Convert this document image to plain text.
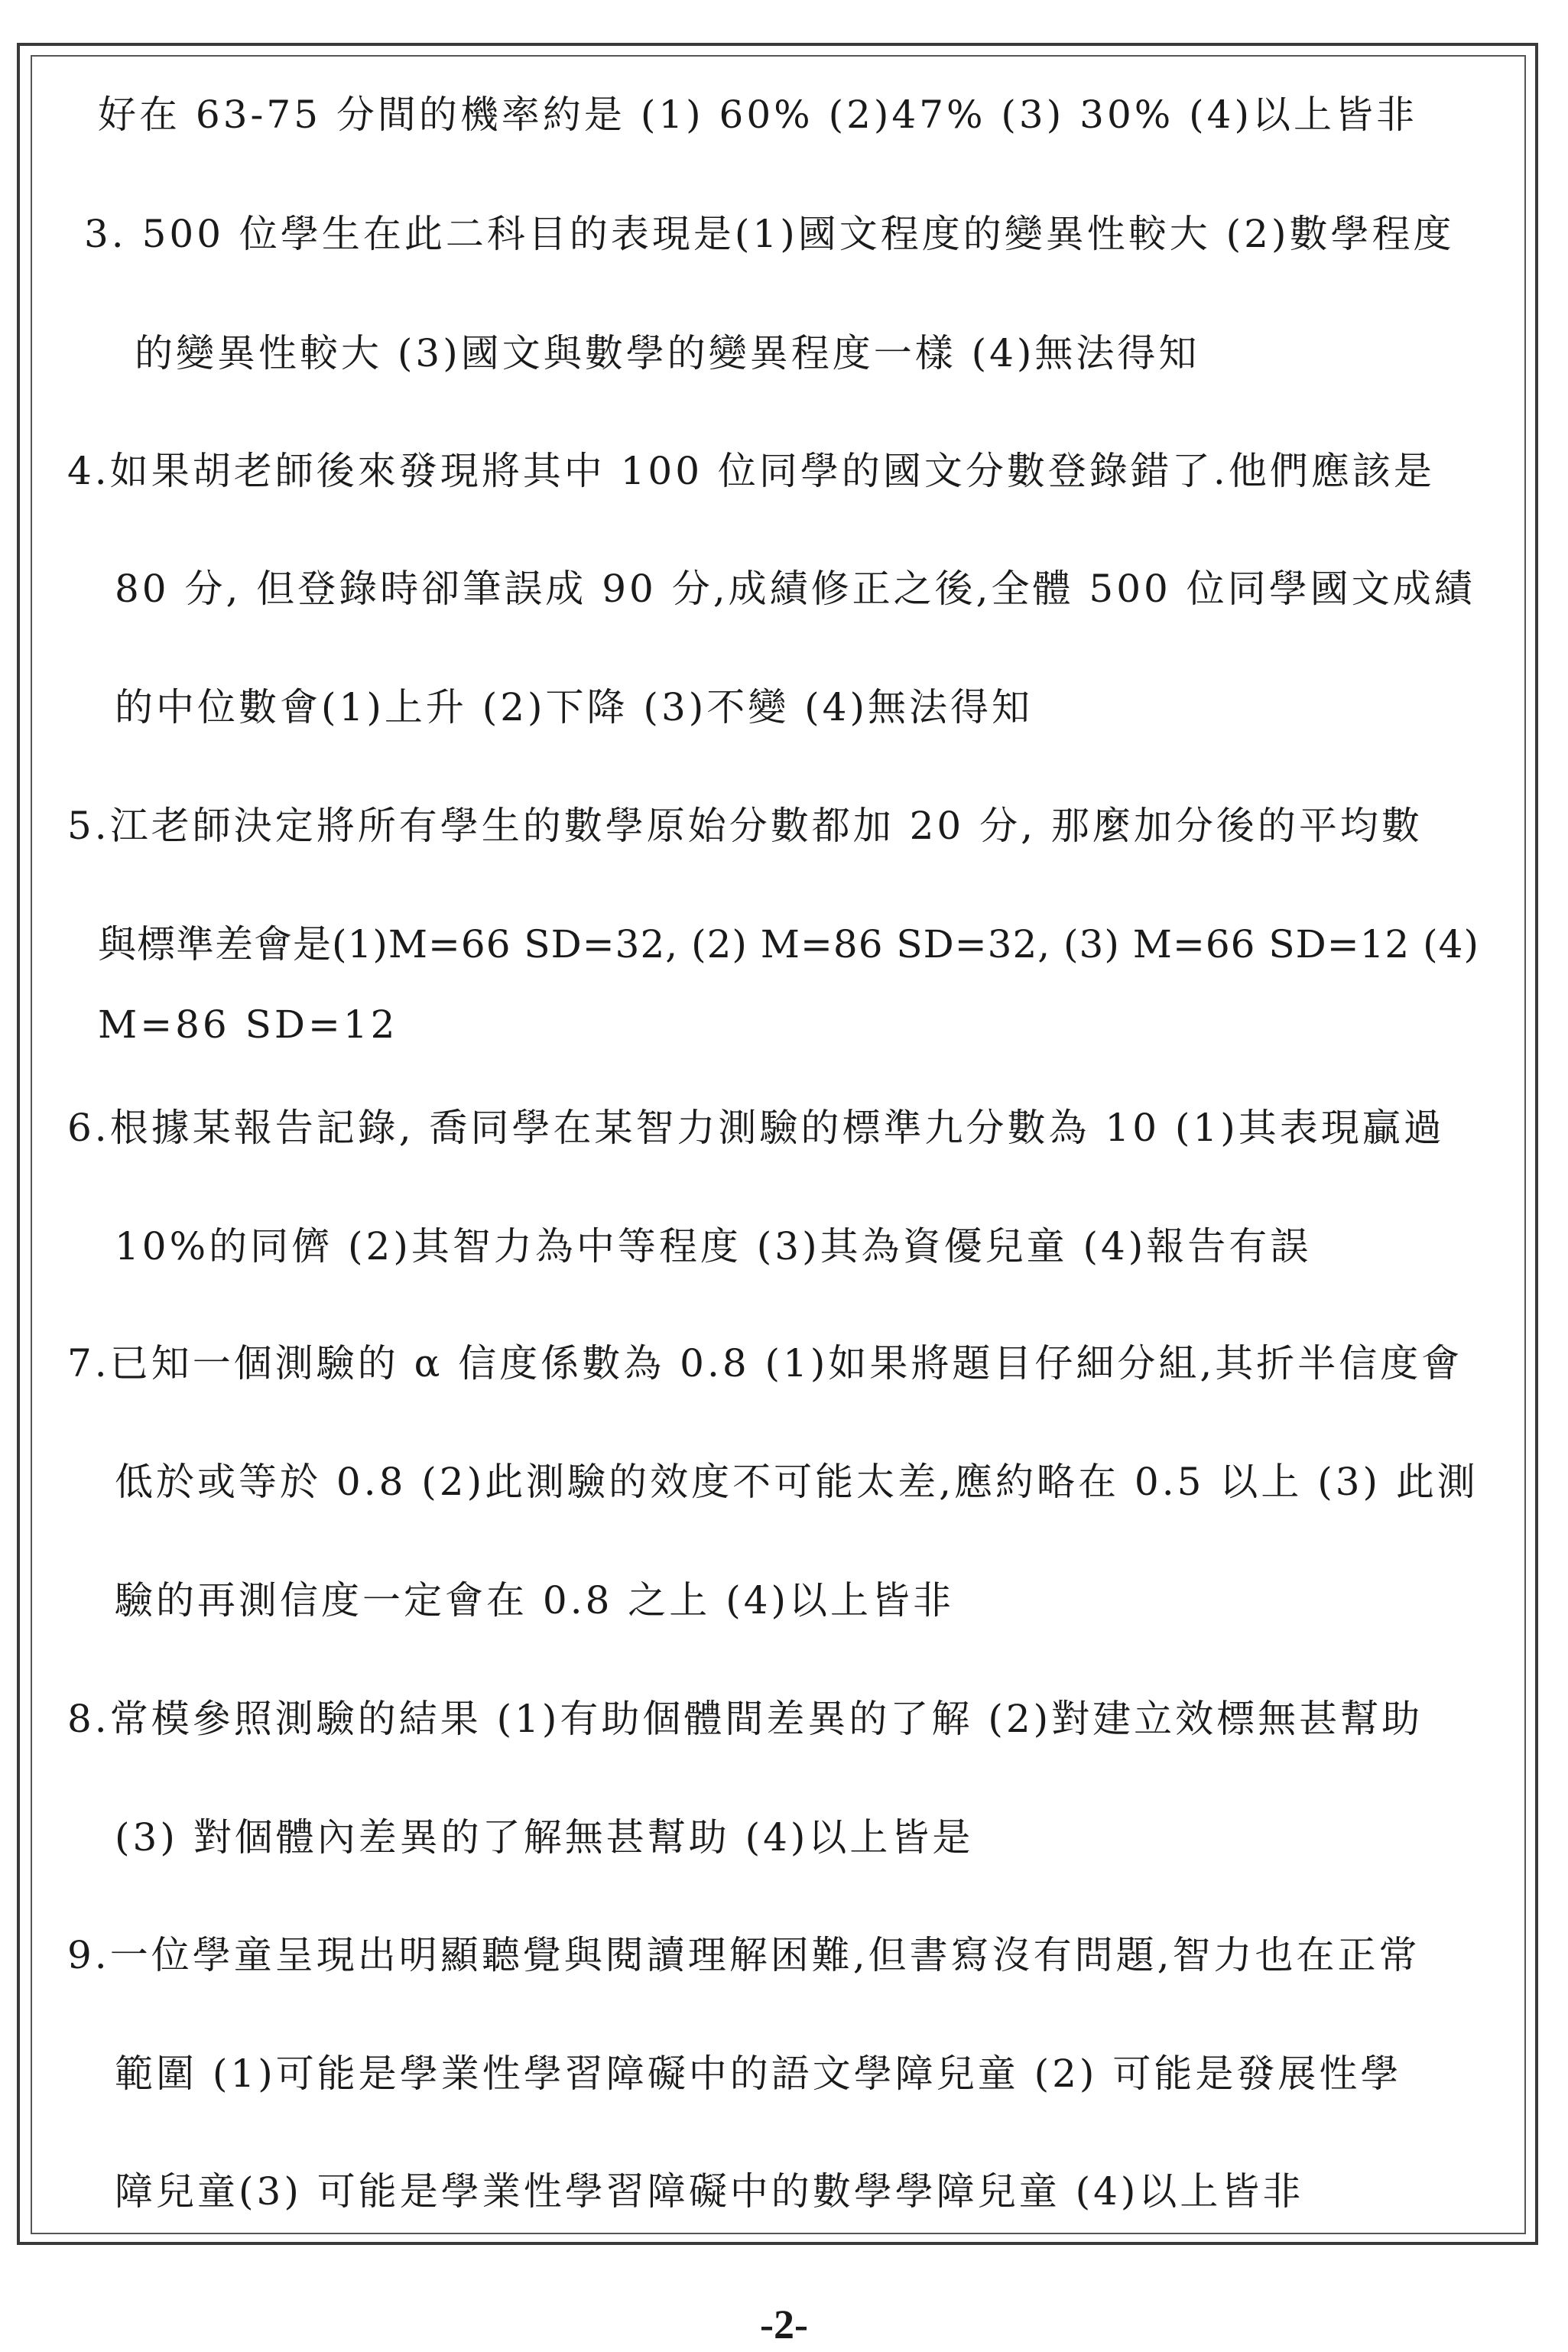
好在 63-75 分間的機率約是 (1) 60% (2)47% (3) 30% (4)以上皆非
3. 500 位學生在此二科目的表現是(1)國文程度的變異性較大 (2)數學程度
的變異性較大 (3)國文與數學的變異程度一樣 (4)無法得知
4.如果胡老師後來發現將其中 100 位同學的國文分數登錄錯了.他們應該是
80 分, 但登錄時卻筆誤成 90 分,成績修正之後,全體 500 位同學國文成績
的中位數會(1)上升 (2)下降 (3)不變 (4)無法得知
5.江老師決定將所有學生的數學原始分數都加 20 分, 那麼加分後的平均數
與標準差會是(1)M=66 SD=32, (2) M=86 SD=32, (3) M=66 SD=12 (4)
M=86 SD=12
6.根據某報告記錄, 喬同學在某智力測驗的標準九分數為 10 (1)其表現贏過
10%的同儕 (2)其智力為中等程度 (3)其為資優兒童 (4)報告有誤
7.已知一個測驗的 α 信度係數為 0.8 (1)如果將題目仔細分組,其折半信度會
低於或等於 0.8 (2)此測驗的效度不可能太差,應約略在 0.5 以上 (3) 此測
驗的再測信度一定會在 0.8 之上 (4)以上皆非
8.常模參照測驗的結果 (1)有助個體間差異的了解 (2)對建立效標無甚幫助
(3) 對個體內差異的了解無甚幫助 (4)以上皆是
9.一位學童呈現出明顯聽覺與閱讀理解困難,但書寫沒有問題,智力也在正常
範圍 (1)可能是學業性學習障礙中的語文學障兒童 (2) 可能是發展性學
障兒童(3) 可能是學業性學習障礙中的數學學障兒童 (4)以上皆非
-2-
